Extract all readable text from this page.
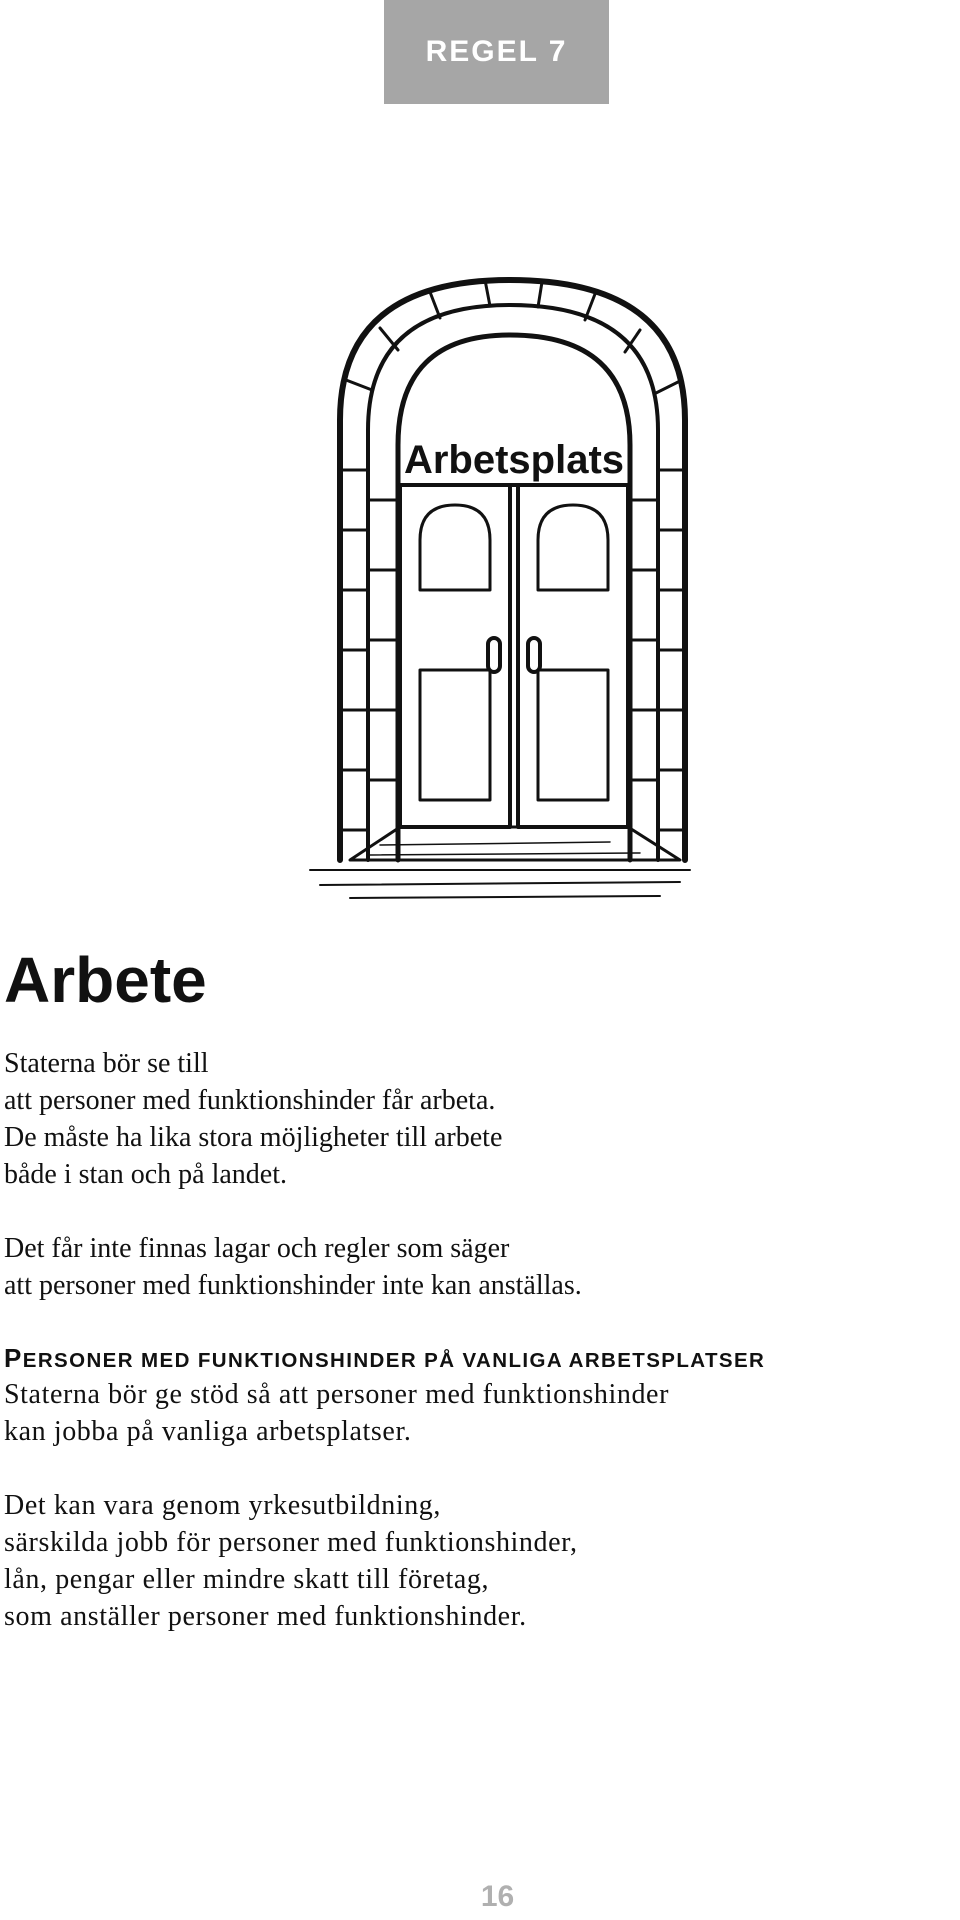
REGEL 7
Arbetsplats
Arbete

Staterna bör se till
att personer med funktionshinder får arbeta.
De måste ha lika stora möjligheter till arbete
både i stan och på landet.

Det får inte finnas lagar och regler som säger
att personer med funktionshinder inte kan anställas.

PERSONER MED FUNKTIONSHINDER PÅ VANLIGA ARBETSPLATSER

Staterna bör ge stöd så att personer med funktionshinder
kan jobba på vanliga arbetsplatser.

Det kan vara genom yrkesutbildning,
särskilda jobb för personer med funktionshinder,
lån, pengar eller mindre skatt till företag,
som anställer personer med funktionshinder.

16
